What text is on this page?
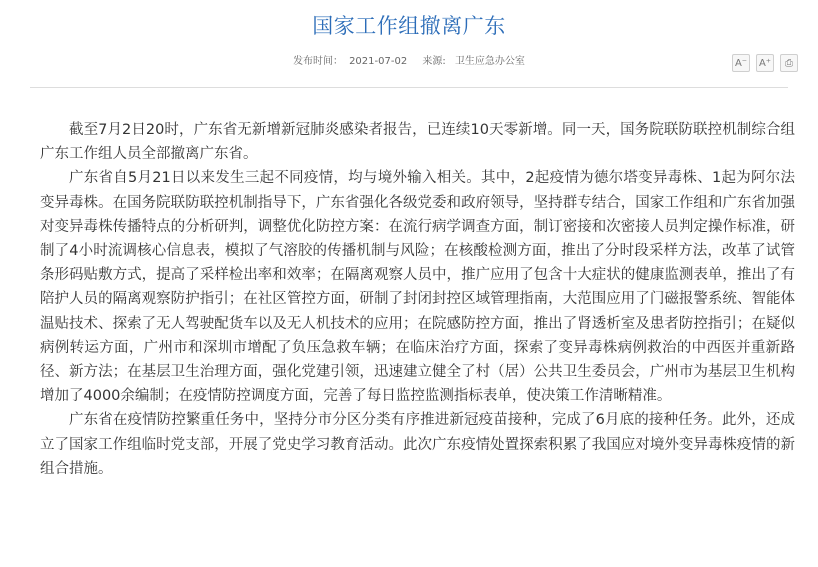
国家工作组撤离广东
发布时间： 2021-07-02 来源: 卫生应急办公室	A⁻ A⁺	⎙

截至7月2日20时，广东省无新增新冠肺炎感染者报告，已连续10天零新增。同一天，国务院联防联控机制综合组广东工作组人员全部撤离广东省。

广东省自5月21日以来发生三起不同疫情，均与境外输入相关。其中，2起疫情为德尔塔变异毒株、1起为阿尔法变异毒株。在国务院联防联控机制指导下，广东省强化各级党委和政府领导，坚持群专结合，国家工作组和广东省加强对变异毒株传播特点的分析研判，调整优化防控方案：在流行病学调查方面，制订密接和次密接人员判定操作标准，研制了4小时流调核心信息表，模拟了气溶胶的传播机制与风险；在核酸检测方面，推出了分时段采样方法，改革了试管条形码贴敷方式，提高了采样检出率和效率；在隔离观察人员中，推广应用了包含十大症状的健康监测表单，推出了有陪护人员的隔离观察防护指引；在社区管控方面，研制了封闭封控区域管理指南，大范围应用了门磁报警系统、智能体温贴技术、探索了无人驾驶配货车以及无人机技术的应用；在院感防控方面，推出了肾透析室及患者防控指引；在疑似病例转运方面，广州市和深圳市增配了负压急救车辆；在临床治疗方面，探索了变异毒株病例救治的中西医并重新路径、新方法；在基层卫生治理方面，强化党建引领，迅速建立健全了村（居）公共卫生委员会，广州市为基层卫生机构增加了4000余编制；在疫情防控调度方面，完善了每日监控监测指标表单，使决策工作清晰精准。

广东省在疫情防控繁重任务中，坚持分市分区分类有序推进新冠疫苗接种，完成了6月底的接种任务。此外，还成立了国家工作组临时党支部，开展了党史学习教育活动。此次广东疫情处置探索积累了我国应对境外变异毒株疫情的新组合措施。
